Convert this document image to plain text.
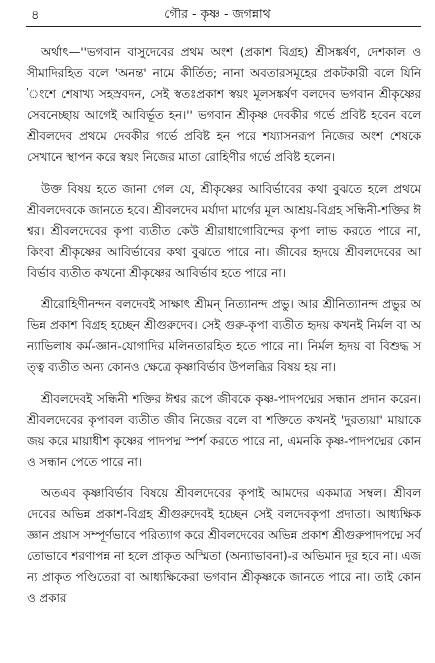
৪	গৌর - কৃষ্ণ - জগন্নাথ

অর্থাৎ—''ভগবান বাসুদেবের প্রথম অংশ (প্রকাশ বিগ্রহ) শ্রীসঙ্কর্ষণ, দেশকাল ও সীমাদিরহিত বলে 'অনন্ত' নামে কীর্তিত; নানা অবতারসমূহের প্রকটকারী বলে যিনি 'ংশে শেষাখ্য সহস্রবদন, সেই স্বতঃপ্রকাশ স্বয়ং মূলসঙ্কর্ষণ বলদেব ভগবান শ্রীকৃষ্ণের সেবনেচ্ছায় আগেই আবির্ভূত হন।'' ভগবান শ্রীকৃষ্ণ দেবকীর গর্ভে প্রবিষ্ট হবেন বলে শ্রীবলদেব প্রথমে দেবকীর গর্ভে প্রবিষ্ট হন পরে শয্যাসনরূপ নিজের অংশ শেষকে সেখানে স্থাপন করে স্বয়ং নিজের মাতা রোহিণীর গর্ভে প্রবিষ্ট হলেন।

উক্ত বিষয় হতে জানা গেল যে, শ্রীকৃষ্ণের আবির্ভাবের কথা বুঝতে হলে প্রথমে শ্রীবলদেবকে জানতে হবে। শ্রীবলদেব মর্যাদা মার্গের মূল আশ্রয়-বিগ্রহ সন্ধিনী-শক্তির ঈশ্বর। শ্রীবলদেবের কৃপা ব্যতীত কেউ শ্রীরাধাগোবিন্দের কৃপা লাভ করতে পারে না, কিংবা শ্রীকৃষ্ণের আবির্ভাবের কথা বুঝতে পারে না। জীবের হৃদয়ে শ্রীবলদেবের আবির্ভাব ব্যতীত কখনো শ্রীকৃষ্ণের আবির্ভাব হতে পারে না।

শ্রীরোহিণীনন্দন বলদেবই সাক্ষাৎ শ্রীমন্ নিত্যানন্দ প্রভু। আর শ্রীনিত্যানন্দ প্রভুর অভিন্ন প্রকাশ বিগ্রহ হচ্ছেন শ্রীগুরুদেব। সেই গুরু-কৃপা ব্যতীত হৃদয় কখনই নির্মল বা অন্যাভিলাষ কর্ম-জ্ঞান-যোগাদির মলিনতারহিত হতে পারে না। নির্মল হৃদয় বা বিশুদ্ধ সত্ত্ব ব্যতীত অন্য কোনও ক্ষেত্রে কৃষ্ণাবির্ভাব উপলব্ধির বিষয় হয় না।

শ্রীবলদেবই সন্ধিনী শক্তির ঈশ্বর রূপে জীবকে কৃষ্ণ-পাদপদ্মের সন্ধান প্রদান করেন। শ্রীবলদেবের কৃপাবল ব্যতীত জীব নিজের বলে বা শক্তিতে কখনই 'দুরত্যয়া' মায়াকে জয় করে মায়াধীশ কৃষ্ণের পাদপদ্ম স্পর্শ করতে পারে না, এমনকি কৃষ্ণ-পাদপদ্মের কোনও সন্ধান পেতে পারে না।

অতএব কৃষ্ণাবির্ভাব বিষয়ে শ্রীবলদেবের কৃপাই আমদের একমাত্র সম্বল। শ্রীবলদেবের অভিন্ন প্রকাশ-বিগ্রহ শ্রীগুরুদেবই হচ্ছেন সেই বলদেবকৃপা প্রদাতা। আধ্যক্ষিক জ্ঞান প্রয়াস সম্পূর্ণভাবে পরিত্যাগ করে শ্রীবলদেবের অভিন্ন প্রকাশ শ্রীগুরুপাদপদ্মে সর্বতোভাবে শরণাপন্ন না হলে প্রাকৃত অস্মিতা (অন্যাভাবনা)-র অভিমান দূর হবে না। এজন্য প্রাকৃত পণ্ডিতেরা বা আধ্যক্ষিকেরা ভগবান শ্রীকৃষ্ণকে জানতে পারে না। তাই কোনও প্রকার
